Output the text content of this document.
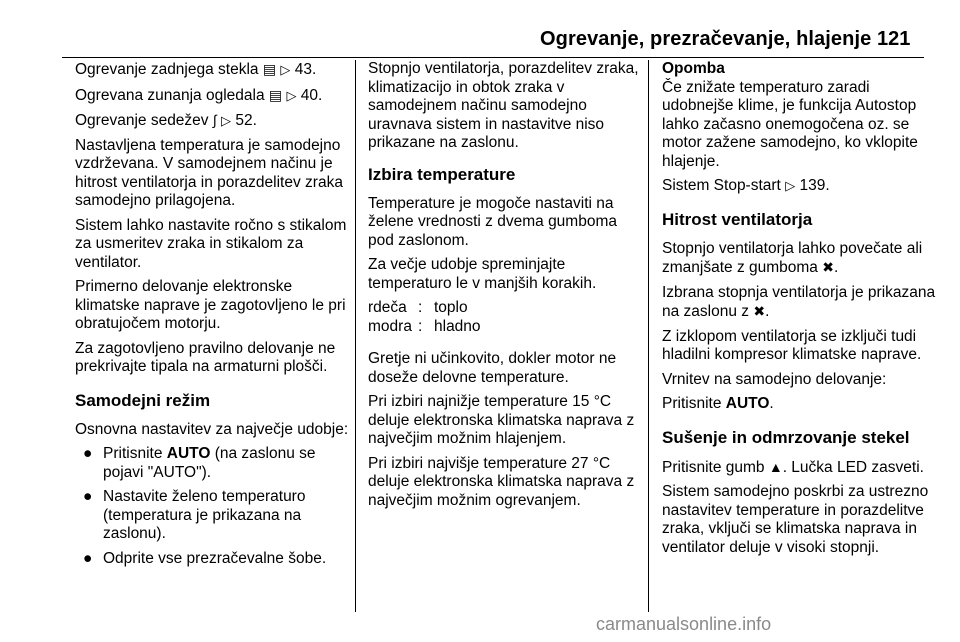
Ogrevanje, prezračevanje, hlajenje 121

Ogrevanje zadnjega stekla ▤ ▷ 43.

Ogrevana zunanja ogledala ▤ ▷ 40.

Ogrevanje sedežev ∫ ▷ 52.

Nastavljena temperatura je samodejno vzdrževana. V samodejnem načinu je hitrost ventilatorja in porazdelitev zraka samodejno prilagojena.

Sistem lahko nastavite ročno s stikalom za usmeritev zraka in stikalom za ventilator.

Primerno delovanje elektronske klimatske naprave je zagotovljeno le pri obratujočem motorju.

Za zagotovljeno pravilno delovanje ne prekrivajte tipala na armaturni plošči.

Samodejni režim

Osnovna nastavitev za največje udobje:

● Pritisnite AUTO (na zaslonu se pojavi "AUTO").
● Nastavite želeno temperaturo (temperatura je prikazana na zaslonu).
● Odprite vse prezračevalne šobe.

Stopnjo ventilatorja, porazdelitev zraka, klimatizacijo in obtok zraka v samodejnem načinu samodejno uravnava sistem in nastavitve niso prikazane na zaslonu.

Izbira temperature

Temperature je mogoče nastaviti na želene vrednosti z dvema gumboma pod zaslonom.

Za večje udobje spreminjajte temperaturo le v manjših korakih.

rdeča	:	toplo
modra	:	hladno

Gretje ni učinkovito, dokler motor ne doseže delovne temperature.

Pri izbiri najnižje temperature 15 °C deluje elektronska klimatska naprava z največjim možnim hlajenjem.

Pri izbiri najvišje temperature 27 °C deluje elektronska klimatska naprava z največjim možnim ogrevanjem.

Opomba

Če znižate temperaturo zaradi udobnejše klime, je funkcija Autostop lahko začasno onemogočena oz. se motor zažene samodejno, ko vklopite hlajenje.

Sistem Stop-start ▷ 139.

Hitrost ventilatorja

Stopnjo ventilatorja lahko povečate ali zmanjšate z gumboma ✖.

Izbrana stopnja ventilatorja je prikazana na zaslonu z ✖.

Z izklopom ventilatorja se izključi tudi hladilni kompresor klimatske naprave.

Vrnitev na samodejno delovanje:

Pritisnite AUTO.

Sušenje in odmrzovanje stekel

Pritisnite gumb ▲. Lučka LED zasveti.

Sistem samodejno poskrbi za ustrezno nastavitev temperature in porazdelitve zraka, vključi se klimatska naprava in ventilator deluje v visoki stopnji.

carmanualsonline.info
